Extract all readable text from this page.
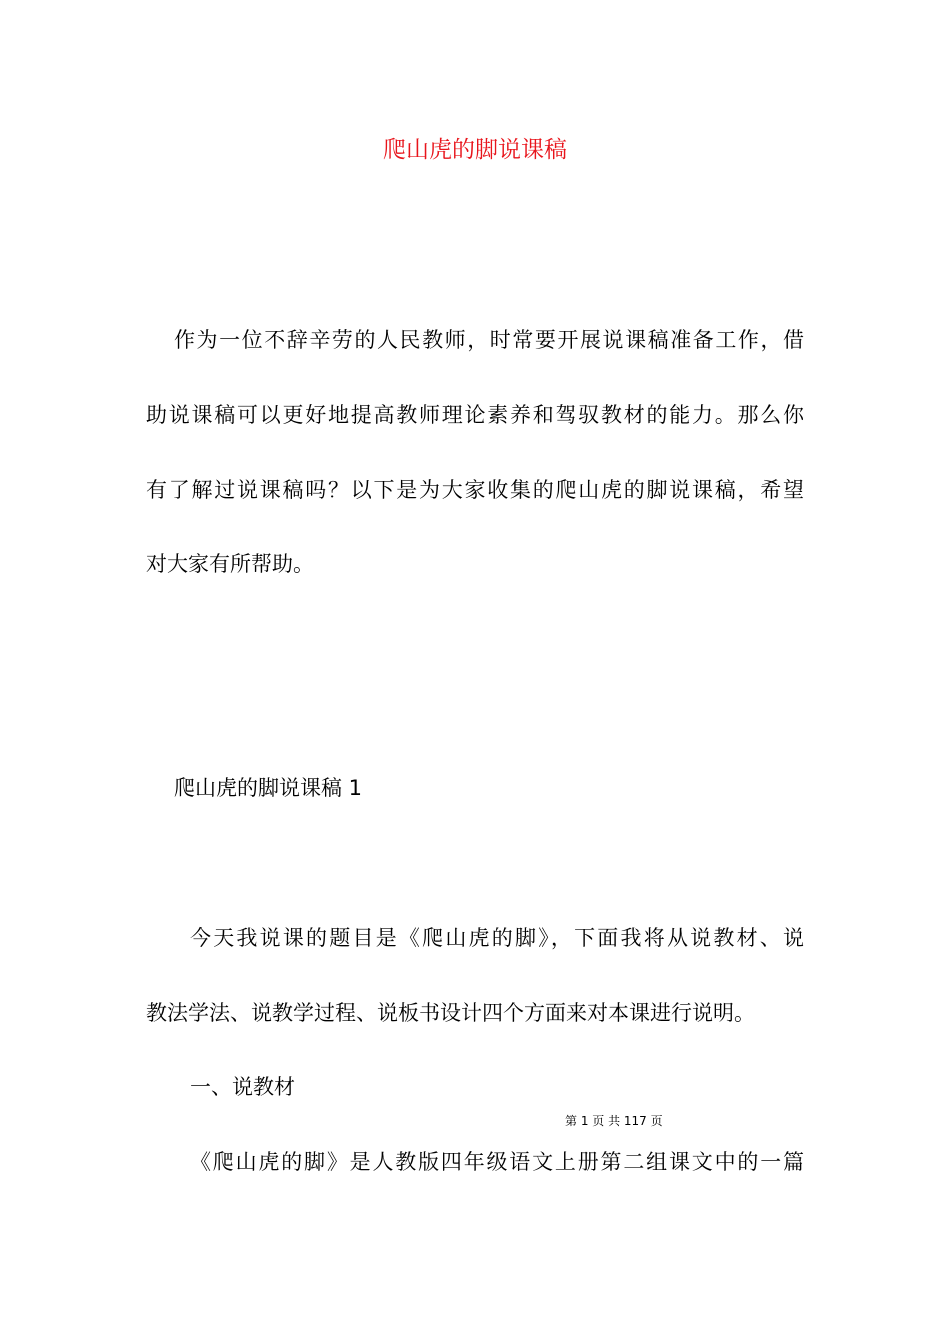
爬山虎的脚说课稿

作为一位不辞辛劳的人民教师，时常要开展说课稿准备工作，借

助说课稿可以更好地提高教师理论素养和驾驭教材的能力。那么你

有了解过说课稿吗？以下是为大家收集的爬山虎的脚说课稿，希望

对大家有所帮助。

爬山虎的脚说课稿 1

今天我说课的题目是《爬山虎的脚》，下面我将从说教材、说

教法学法、说教学过程、说板书设计四个方面来对本课进行说明。

一、说教材

第 1 页 共 117 页

《爬山虎的脚》是人教版四年级语文上册第二组课文中的一篇
